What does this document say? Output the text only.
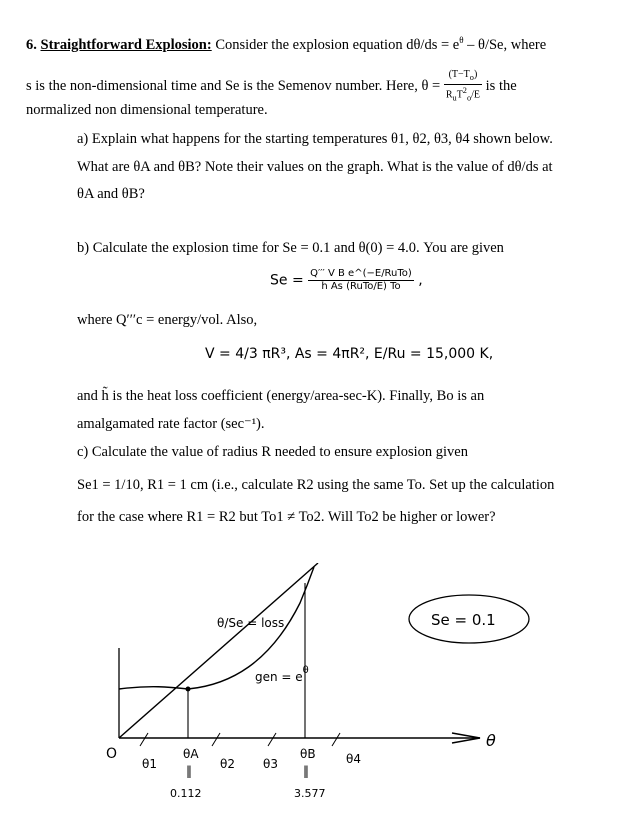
6. Straightforward Explosion: Consider the explosion equation $d\theta/ds = e^\theta - \theta/Se$, where
s is the non-dimensional time and Se is the Semenov number. Here, $\theta = \frac{(T-T_o)}{R_uT^2_o/E}$ is the
normalized non dimensional temperature.
a) Explain what happens for the starting temperatures θ1, θ2, θ3, θ4 shown below.
What are θA and θB? Note their values on the graph. What is the value of dθ/ds at
θA and θB?
b) Calculate the explosion time for Se = 0.1 and θ(0) = 4.0. You are given
$Se = \frac{\text{Q′′′ V B e\textasciicircum{}(−E/RuTo)}}{\text{h̃ As (RuTo/E) To}}$ ,
where Q′′′c = energy/vol. Also,
V = 4/3 πR³, As = 4πR², E/Ru = 15,000 K,
and h̃ is the heat loss coefficient (energy/area-sec-K). Finally, Bo is an
amalgamated rate factor (sec⁻¹).
c) Calculate the value of radius R needed to ensure explosion given
Se1 = 1/10, R1 = 1 cm (i.e., calculate R2 using the same To. Set up the calculation
for the case where R1 = R2 but To1 ≠ To2. Will To2 be higher or lower?
Se = 0.1
θ
O
θ/Se = loss
gen = $e^\theta$
θ1
θA
‖
0.112
θ2 θ3
θB
‖
3.577
θ4
